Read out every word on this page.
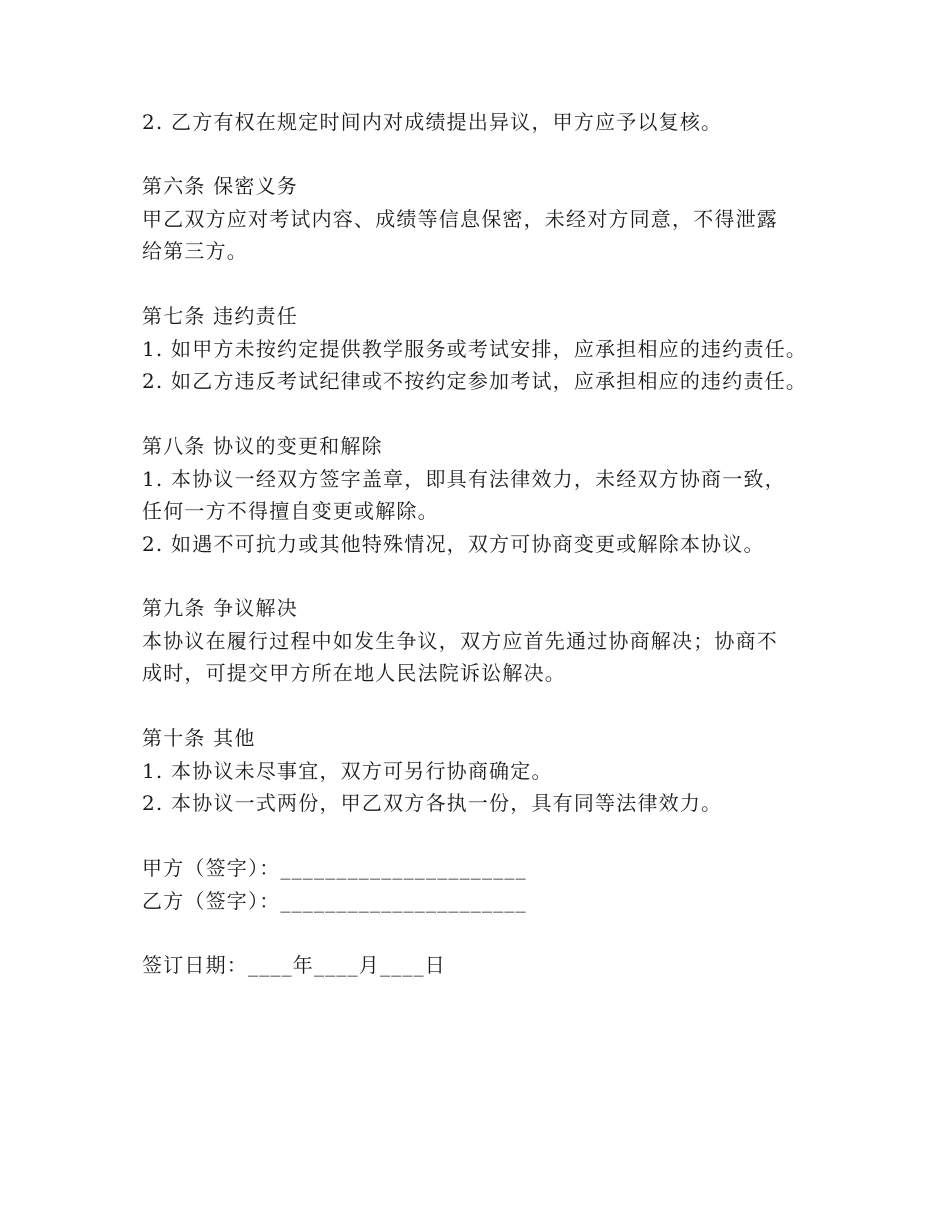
2. 乙方有权在规定时间内对成绩提出异议，甲方应予以复核。
第六条 保密义务
甲乙双方应对考试内容、成绩等信息保密，未经对方同意，不得泄露
给第三方。
第七条 违约责任
1. 如甲方未按约定提供教学服务或考试安排，应承担相应的违约责任。
2. 如乙方违反考试纪律或不按约定参加考试，应承担相应的违约责任。
第八条 协议的变更和解除
1. 本协议一经双方签字盖章，即具有法律效力，未经双方协商一致，
任何一方不得擅自变更或解除。
2. 如遇不可抗力或其他特殊情况，双方可协商变更或解除本协议。
第九条 争议解决
本协议在履行过程中如发生争议，双方应首先通过协商解决；协商不
成时，可提交甲方所在地人民法院诉讼解决。
第十条 其他
1. 本协议未尽事宜，双方可另行协商确定。
2. 本协议一式两份，甲乙双方各执一份，具有同等法律效力。
甲方（签字）：______________________
乙方（签字）：______________________
签订日期：____年____月____日
